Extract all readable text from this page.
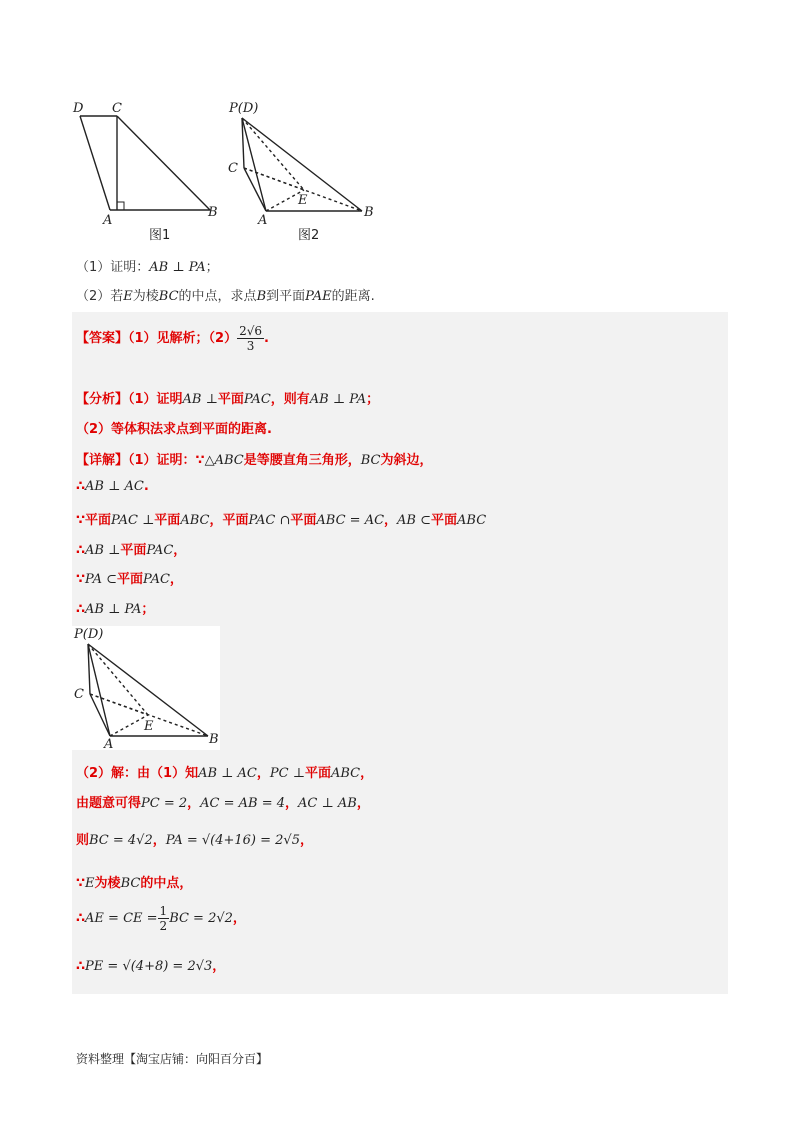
D C
A
B
图1
P(D)
C
A
E
B
图2
（1）证明：AB ⊥ PA；
（2）若E为棱BC的中点，求点B到平面PAE的距离.
【答案】（1）见解析；$(2) \frac{2√6}{3}$ .
【分析】（1）证明AB ⊥平面PAC，则有AB ⊥ PA；
（2）等体积法求点到平面的距离.
【详解】（1）证明：∵△ABC是等腰直角三角形，BC为斜边，
∴AB ⊥ AC.
∵平面PAC ⊥平面ABC，平面PAC ∩平面ABC = AC，AB ⊂平面ABC
∴AB ⊥平面PAC，
∵PA ⊂平面PAC，
∴AB ⊥ PA；
P(D)
C
A
E
B
（2）解：由（1）知AB ⊥ AC，PC ⊥平面ABC，
由题意可得PC = 2，AC = AB = 4，AC ⊥ AB，
则BC = 4√2，PA = √(4+16) = 2√5，
∵E为棱BC的中点，
∴AE = CE = $\frac{1}{2}$ BC = 2√2，
∴PE = √(4+8) = 2√3，
资料整理【淘宝店铺：向阳百分百】
